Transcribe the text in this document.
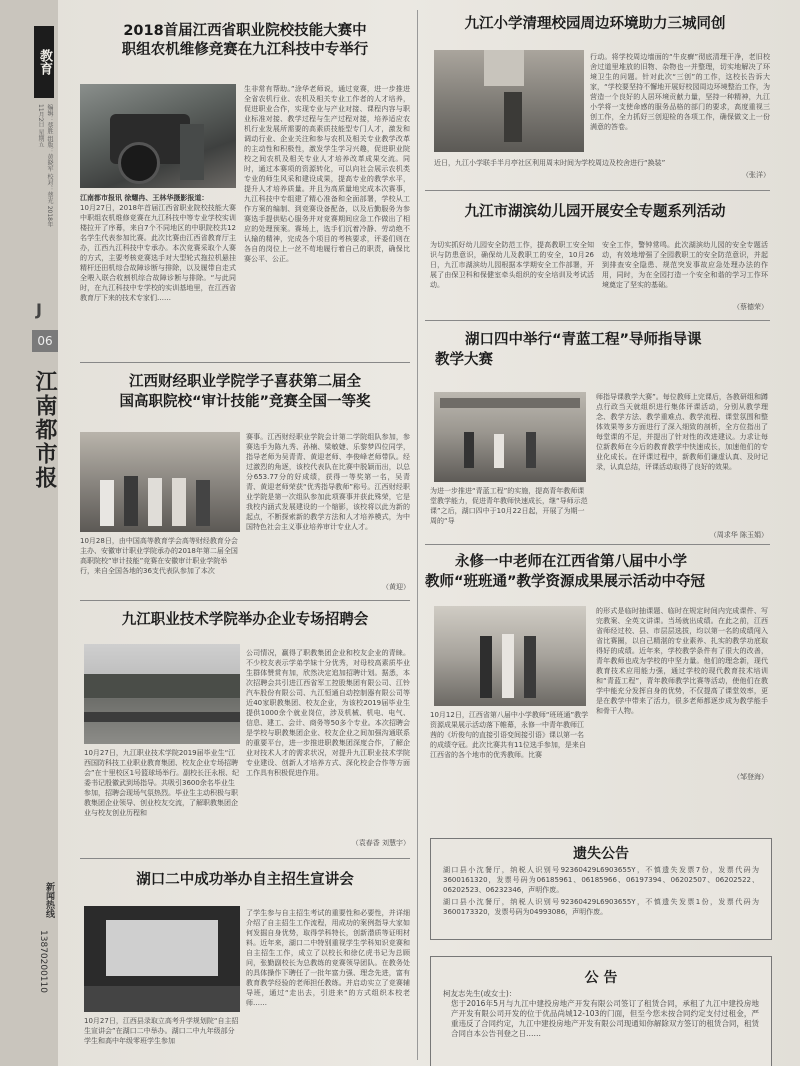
教育
编辑：蔡胜 组版：黄晓军 校对：蔡光 2018年11月2日 星期五
J
06
江南都市报
新闻热线
13870200110
2018首届江西省职业院校技能大赛中
职组农机维修竞赛在九江科技中专举行
江南都市报讯 徐耀冉、王林华摄影报道：
10月27日，2018年首届江西省职业院校技能大赛中职组农机维修竞赛在九江科技中等专业学校实训楼拉开了序幕，来自7个不同地区的中职院校共12名学生代表参加比赛。此次比赛由江西省教育厅主办，江西九江科技中专承办。本次竞赛采取个人赛的方式，主要考核竞赛选手对大型轮式拖拉机悬挂精杆还田机综合故障诊断与排除，以及履带自走式全喂入联合收割机综合故障诊断与排除。“与此同时，在九江科技中专学校的实训基地里，在江西省教育厅下来的技术专家们……
生非常有帮助。”涂华老师说，通过竞赛，进一步推进全省农机行业、农机及相关专业工作者的人才培养，促进职业合作，实现专业与产业对接、课程内容与职业标准对接、教学过程与生产过程对接，培养适应农机行业发展所需要的高素质技能型专门人才，激发和调动行业、企业关注和参与农机及相关专业教学改革的主动性和积极性，激发学生学习兴趣，促进职业院校之间农机及相关专业人才培养改革成果交流。同时，通过本赛项的资源转化，可以向社会展示农机类专业的师生风采和建设成果，提高专业的教学水平，提升人才培养质量。并且为高质量地完成本次赛事，九江科技中专组建了精心准备和全面部署，学校从工作方案的编制、到竞赛设备配备，以及后勤服务为参赛选手提供贴心服务并对竞赛期间应急工作做出了相应的处理预案。赛场上，选手们沉着冷静、劳动绝不认输的精神，完成各个项目的考核要求，评委们则在各自的岗位上一丝不苟地履行着自己的职责，确保比赛公平、公正。
江西财经职业学院学子喜获第二届全
国高职院校“审计技能”竞赛全国一等奖
10月28日，由中国高等教育学会高等财经教育分会主办、安徽审计职业学院承办的2018年第二届全国高职院校“审计技能”竞赛在安徽审计职业学院举行，来自全国各地的36支代表队参加了本次
赛事。江西财经职业学院会计第二学院组队参加，参赛选手为陈九秀、孙楠、梁敏婕、乐黎梦四位同学，指导老师为吴青青、黄迎老师、李俊峰老师带队。经过激烈的角逐，该校代表队在比赛中脱颖而出，以总分653.77分的好成绩，获得一等奖第一名，吴青青、黄迎老师荣获“优秀指导教师”称号。江西财经职业学院是第一次组队参加此项赛事并获此殊荣，它是我校内涵式发展建设的一个缩影，该校将以此为新的起点，不断探索新的教学方法和人才培养模式，为中国特色社会主义事业培养审计专业人才。
（黄迎）
九江职业技术学院举办企业专场招聘会
10月27日，九江职业技术学院2019届毕业生“江西国防科技工业职业教育集团、校友企业专场招聘会”在十里校区1号篮球场举行。副校长汪永根、纪委书记殷徽武到场指导。共吸引3600余名毕业生参加，招聘会现场气氛热烈。毕业生主动积极与职教集团企业领导、创业校友交流，了解职教集团企业与校友创业历程和
公司情况，赢得了职教集团企业和校友企业的青睐。不少校友表示学弟学妹十分优秀，对母校高素质毕业生群体赞赏有加，欣然决定追加招聘计划。据悉，本次招聘会共引进江西省军工控股集团有限公司、江铃汽车股份有限公司、九江恒通自动控制器有限公司等近40家职教集团、校友企业，为该校2019届毕业生提供1000余个就业岗位，涉及机械、机电、电气、信息、建工、会计、商务等50多个专业。本次招聘会是学校与职教集团企业、校友企业之间加强沟通联系的重要平台，进一步推进职教集团深度合作，了解企业对技术人才的需求状况，对提升九江职业技术学院专业建设、创新人才培养方式、深化校企合作等方面工作具有积极促进作用。
（袁春香 刘慧宇）
湖口二中成功举办自主招生宣讲会
10月27日，江西县录取立高考升学规划院“自主招生宣讲会”在湖口二中举办。湖口二中九年级部分学生和高中年级零班学生参加
了学生参与自主招生考试的重要性和必要性，并详细介绍了自主招生工作流程，用成功的案例指导大家如何发掘自身优势，取得学科特长，创新潜质等证明材料。近年来，湖口二中特别重视学生学科知识竞赛和自主招生工作，成立了以校长和徐亿虎书记为总顾问，张勤副校长为总教练的竞赛领导团队。在教务处的具体操作下聘任了一批年富力强、理念先进，富有教育教学经验的老师担任教练。并启动实立了竞赛辅导班，通过“走出去，引进来”的方式组织本校老师……
九江小学清理校园周边环境助力三城同创
近日，九江小学联手半月亭社区利用周末时间为学校周边及校舍进行“换装”
行动。将学校周边墙面的“牛皮癣”彻底清理干净，老旧校舍过道里堆放的旧物、杂物也一并整理，切实地解决了环境卫生的问题。针对此次“三创”的工作，这校长告诉大家，“学校要坚持不懈地开展好校园周边环境整治工作，为营造一个良好的人居环境贡献力量，坚持一种精神，九江小学将一支使命感的服务品格的部门的要求，高度重视三创工作，全力抓好三创迎检的各项工作，确保做文上一份满意的答卷。
（张洋）
九江市湖滨幼儿园开展安全专题系列活动
为切实抓好幼儿园安全防范工作，提高教职工安全知识与防患意识，确保幼儿及教职工的安全，10月26日，九江市湖滨幼儿园根据本学期安全工作部署，开展了由保卫科和保健室牵头组织的安全培训及考试活动。
安全工作，警钟常鸣。此次湖滨幼儿园的安全专题活动，有效地增强了全园教职工的安全防范意识，并起到排查安全隐患、规范突发事故应急处理办法的作用，同时，为在全园打造一个安全和谐的学习工作环境奠定了坚实的基础。
（蔡德荣）
湖口四中举行“青蓝工程”导师指导课
教学大赛
为进一步推进“青蓝工程”的实施，提高青年教师课堂教学能力，促进青年教师快速成长，继“导师示范课”之后，湖口四中于10月22日起，开展了为期一周的“导
师指导课教学大赛”。每位教师上完课后，各教研组和蹲点行政当天就组织进行集体评课活动，分别从教学理念、教学方法、教学重难点、教学流程、课堂氛围和整体效果等多方面进行了深入细致的剖析，全方位指出了每堂课的不足，并提出了针对性的改进建议。力求让每位新教师在今后的教育教学中快速成长，加速他们的专业化成长。在评课过程中，新教师们谦虚认真、及时记录，认真总结，评课活动取得了良好的效果。
（周求华 陈玉娟）
永修一中老师在江西省第八届中小学
教师“班班通”教学资源成果展示活动中夺冠
10月12日，江西省第八届中小学教师“班班通”教学资源成果展示活动落下帷幕，永修一中青年教师江茜的《圻俊句的直接引语变间接引语》课以第一名的成绩夺冠。此次比赛共有11位选手参加，是来自江西省的各个地市的优秀教师。比赛
的形式是临时抽课题、临时在规定时间内完成课件、写完教案、全英文讲课。当场就出成绩。在此之前，江西省师经过校、县、市层层选拔，均以第一名的成绩闯入省比赛圈，以自己精湛的专业素养、扎实的教学功底取得好的成绩。近年来，学校教学条件有了很大的改善，青年教师也成为学校的中坚力量。他们的理念新，现代教育技术应用能力强，通过学校的现代教育技术培训和“青蓝工程”，青年教师教学比赛等活动，使他们在教学中能充分发挥自身的优势，不仅提高了课堂效率，更是在教学中带来了活力，很多老师都逐步成为教学能手和骨干人物。
（邹登海）
遗失公告
湖口县小沈餐厅，纳税人识别号92360429L6903655Y，不慎遗失发票7份，发票代码为3600161320，发票号码为06185961、06185966、06197394、06202507、06202522、06202523、06232346，声明作废。
湖口县小沈餐厅，纳税人识别号92360429L6903655Y，不慎遗失发票1份，发票代码为3600173320，发票号码为04993086，声明作废。
公 告
柯友志先生(或女士)：
您于2016年5月与九江中建投房地产开发有限公司签订了租赁合同，承租了九江中建投房地产开发有限公司开发的位于优品尚城12-103的门面，但至今您未按合同约定支付过租金，严重违反了合同约定，九江中建投房地产开发有限公司现通知你解除双方签订的租赁合同，租赁合同自本公告刊登之日……
